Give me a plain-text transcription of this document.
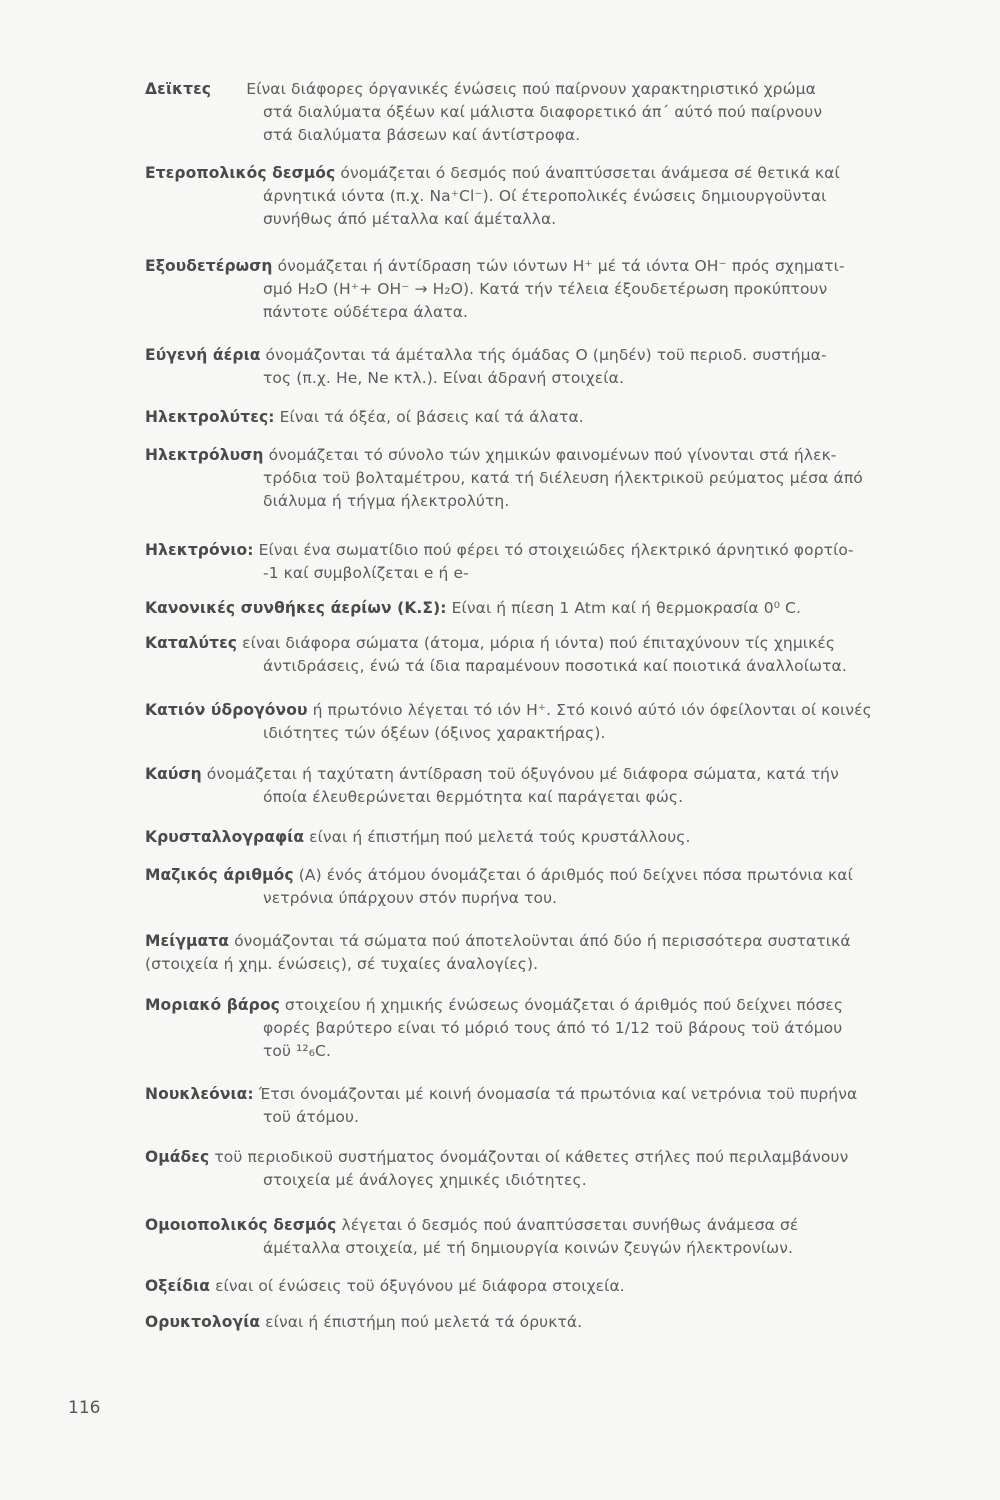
Δεϊκτες Είναι διάφορες όργανικές ένώσεις πού παίρνουν χαρακτηριστικό χρώμα
στά διαλύματα όξέων καί μάλιστα διαφορετικό άπ΄ αύτό πού παίρνουν
στά διαλύματα βάσεων καί άντίστροφα.
Ετεροπολικός δεσμός όνομάζεται ό δεσμός πού άναπτύσσεται άνάμεσα σέ θετικά καί
άρνητικά ιόντα (π.χ. Na⁺Cl⁻). Οί έτεροπολικές ένώσεις δημιουργοϋνται
συνήθως άπό μέταλλα καί άμέταλλα.
Εξουδετέρωση όνομάζεται ή άντίδραση τών ιόντων H⁺ μέ τά ιόντα OH⁻ πρός σχηματι-
σμό H₂O (H⁺+ OH⁻ → H₂O). Κατά τήν τέλεια έξουδετέρωση προκύπτουν
πάντοτε ούδέτερα άλατα.
Εύγενή άέρια όνομάζονται τά άμέταλλα τής όμάδας O (μηδέν) τοϋ περιοδ. συστήμα-
τος (π.χ. He, Ne κτλ.). Είναι άδρανή στοιχεία.
Ηλεκτρολύτες: Είναι τά όξέα, οί βάσεις καί τά άλατα.
Ηλεκτρόλυση όνομάζεται τό σύνολο τών χημικών φαινομένων πού γίνονται στά ήλεκ-
τρόδια τοϋ βολταμέτρου, κατά τή διέλευση ήλεκτρικοϋ ρεύματος μέσα άπό
διάλυμα ή τήγμα ήλεκτρολύτη.
Ηλεκτρόνιο: Είναι ένα σωματίδιο πού φέρει τό στοιχειώδες ήλεκτρικό άρνητικό φορτίο-
-1 καί συμβολίζεται e ή e-
Κανονικές συνθήκες άερίων (Κ.Σ): Είναι ή πίεση 1 Atm καί ή θερμοκρασία 0⁰ C.
Καταλύτες είναι διάφορα σώματα (άτομα, μόρια ή ιόντα) πού έπιταχύνουν τίς χημικές
άντιδράσεις, ένώ τά ίδια παραμένουν ποσοτικά καί ποιοτικά άναλλοίωτα.
Κατιόν ύδρογόνου ή πρωτόνιο λέγεται τό ιόν H⁺. Στό κοινό αύτό ιόν όφείλονται οί κοινές
ιδιότητες τών όξέων (όξινος χαρακτήρας).
Καύση όνομάζεται ή ταχύτατη άντίδραση τοϋ όξυγόνου μέ διάφορα σώματα, κατά τήν
όποία έλευθερώνεται θερμότητα καί παράγεται φώς.
Κρυσταλλογραφία είναι ή έπιστήμη πού μελετά τούς κρυστάλλους.
Μαζικός άριθμός (A) ένός άτόμου όνομάζεται ό άριθμός πού δείχνει πόσα πρωτόνια καί
νετρόνια ύπάρχουν στόν πυρήνα του.
Μείγματα όνομάζονται τά σώματα πού άποτελοϋνται άπό δύο ή περισσότερα συστατικά
(στοιχεία ή χημ. ένώσεις), σέ τυχαίες άναλογίες).
Μοριακό βάρος στοιχείου ή χημικής ένώσεως όνομάζεται ό άριθμός πού δείχνει πόσες
φορές βαρύτερο είναι τό μόριό τους άπό τό 1/12 τοϋ βάρους τοϋ άτόμου
τοϋ ¹²₆C.
Νουκλεόνια: Έτσι όνομάζονται μέ κοινή όνομασία τά πρωτόνια καί νετρόνια τοϋ πυρήνα
τοϋ άτόμου.
Ομάδες τοϋ περιοδικοϋ συστήματος όνομάζονται οί κάθετες στήλες πού περιλαμβάνουν
στοιχεία μέ άνάλογες χημικές ιδιότητες.
Ομοιοπολικός δεσμός λέγεται ό δεσμός πού άναπτύσσεται συνήθως άνάμεσα σέ
άμέταλλα στοιχεία, μέ τή δημιουργία κοινών ζευγών ήλεκτρονίων.
Οξείδια είναι οί ένώσεις τοϋ όξυγόνου μέ διάφορα στοιχεία.
Ορυκτολογία είναι ή έπιστήμη πού μελετά τά όρυκτά.
116
